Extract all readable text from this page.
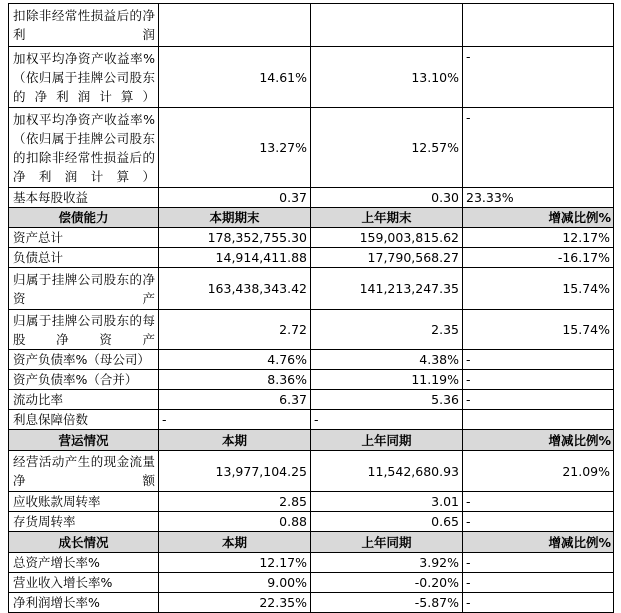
扣除非经常性损益后的净利润			
加权平均净资产收益率%（依归属于挂牌公司股东的净利润计算）	14.61%	13.10%	-
加权平均净资产收益率%（依归属于挂牌公司股东的扣除非经常性损益后的净利润计算）	13.27%	12.57%	-
基本每股收益	0.37	0.30	23.33%
偿债能力	本期期末	上年期末	增减比例%
资产总计	178,352,755.30	159,003,815.62	12.17%
负债总计	14,914,411.88	17,790,568.27	-16.17%
归属于挂牌公司股东的净资产	163,438,343.42	141,213,247.35	15.74%
归属于挂牌公司股东的每股净资产	2.72	2.35	15.74%
资产负债率%（母公司）	4.76%	4.38%	-
资产负债率%（合并）	8.36%	11.19%	-
流动比率	6.37	5.36	-
利息保障倍数	-	-	
营运情况	本期	上年同期	增减比例%
经营活动产生的现金流量净额	13,977,104.25	11,542,680.93	21.09%
应收账款周转率	2.85	3.01	-
存货周转率	0.88	0.65	-
成长情况	本期	上年同期	增减比例%
总资产增长率%	12.17%	3.92%	-
营业收入增长率%	9.00%	-0.20%	-
净利润增长率%	22.35%	-5.87%	-
